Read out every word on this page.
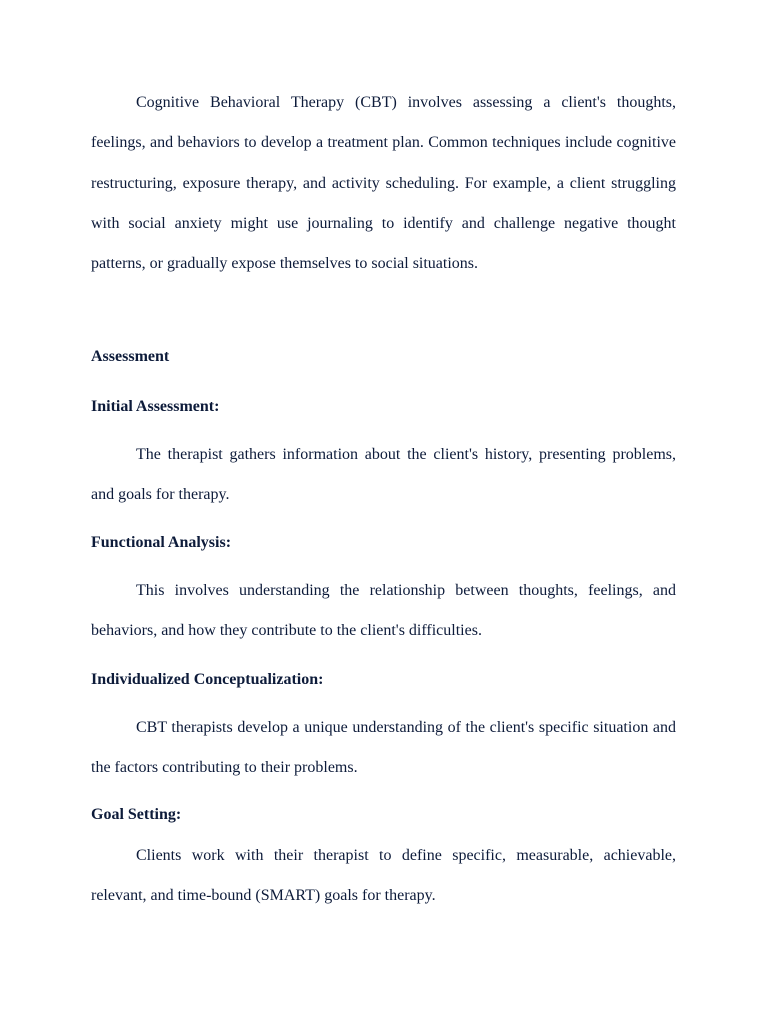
Cognitive Behavioral Therapy (CBT) involves assessing a client's thoughts, feelings, and behaviors to develop a treatment plan. Common techniques include cognitive restructuring, exposure therapy, and activity scheduling. For example, a client struggling with social anxiety might use journaling to identify and challenge negative thought patterns, or gradually expose themselves to social situations.

Assessment
Initial Assessment:

The therapist gathers information about the client's history, presenting problems, and goals for therapy.

Functional Analysis:

This involves understanding the relationship between thoughts, feelings, and behaviors, and how they contribute to the client's difficulties.

Individualized Conceptualization:

CBT therapists develop a unique understanding of the client's specific situation and the factors contributing to their problems.

Goal Setting:

Clients work with their therapist to define specific, measurable, achievable, relevant, and time-bound (SMART) goals for therapy.
